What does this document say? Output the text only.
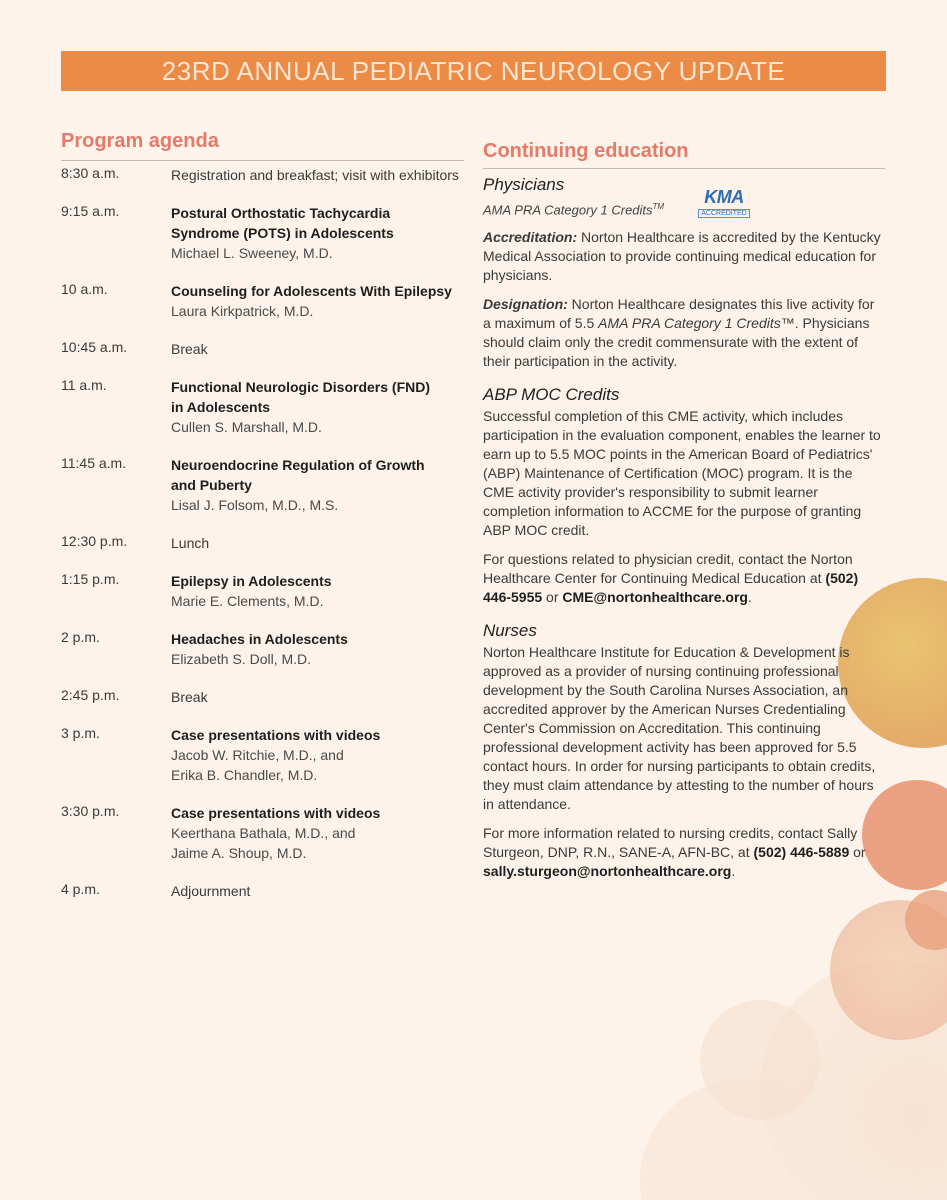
23RD ANNUAL PEDIATRIC NEUROLOGY UPDATE
Program agenda
8:30 a.m.	Registration and breakfast; visit with exhibitors
9:15 a.m.	Postural Orthostatic Tachycardia
Syndrome (POTS) in Adolescents
Michael L. Sweeney, M.D.
10 a.m.	Counseling for Adolescents With Epilepsy
Laura Kirkpatrick, M.D.
10:45 a.m.	Break
11 a.m.	Functional Neurologic Disorders (FND)
in Adolescents
Cullen S. Marshall, M.D.
11:45 a.m.	Neuroendocrine Regulation of Growth
and Puberty
Lisal J. Folsom, M.D., M.S.
12:30 p.m.	Lunch
1:15 p.m.	Epilepsy in Adolescents
Marie E. Clements, M.D.
2 p.m.	Headaches in Adolescents
Elizabeth S. Doll, M.D.
2:45 p.m.	Break
3 p.m.	Case presentations with videos
Jacob W. Ritchie, M.D., and
Erika B. Chandler, M.D.
3:30 p.m.	Case presentations with videos
Keerthana Bathala, M.D., and
Jaime A. Shoup, M.D.
4 p.m.	Adjournment
Continuing education
KMA
ACCREDITED
Physicians

AMA PRA Category 1 Credits™

Accreditation: Norton Healthcare is accredited by the Kentucky Medical Association to provide continuing medical education for physicians.

Designation: Norton Healthcare designates this live activity for a maximum of 5.5 AMA PRA Category 1 Credits™. Physicians should claim only the credit commensurate with the extent of their participation in the activity.

ABP MOC Credits

Successful completion of this CME activity, which includes participation in the evaluation component, enables the learner to earn up to 5.5 MOC points in the American Board of Pediatrics' (ABP) Maintenance of Certification (MOC) program. It is the CME activity provider's responsibility to submit learner completion information to ACCME for the purpose of granting ABP MOC credit.

For questions related to physician credit, contact the Norton Healthcare Center for Continuing Medical Education at (502) 446-5955 or CME@nortonhealthcare.org.

Nurses

Norton Healthcare Institute for Education & Development is approved as a provider of nursing continuing professional development by the South Carolina Nurses Association, an accredited approver by the American Nurses Credentialing Center's Commission on Accreditation. This continuing professional development activity has been approved for 5.5 contact hours. In order for nursing participants to obtain credits, they must claim attendance by attesting to the number of hours in attendance.

For more information related to nursing credits, contact Sally Sturgeon, DNP, R.N., SANE-A, AFN-BC, at (502) 446-5889 or sally.sturgeon@nortonhealthcare.org.
